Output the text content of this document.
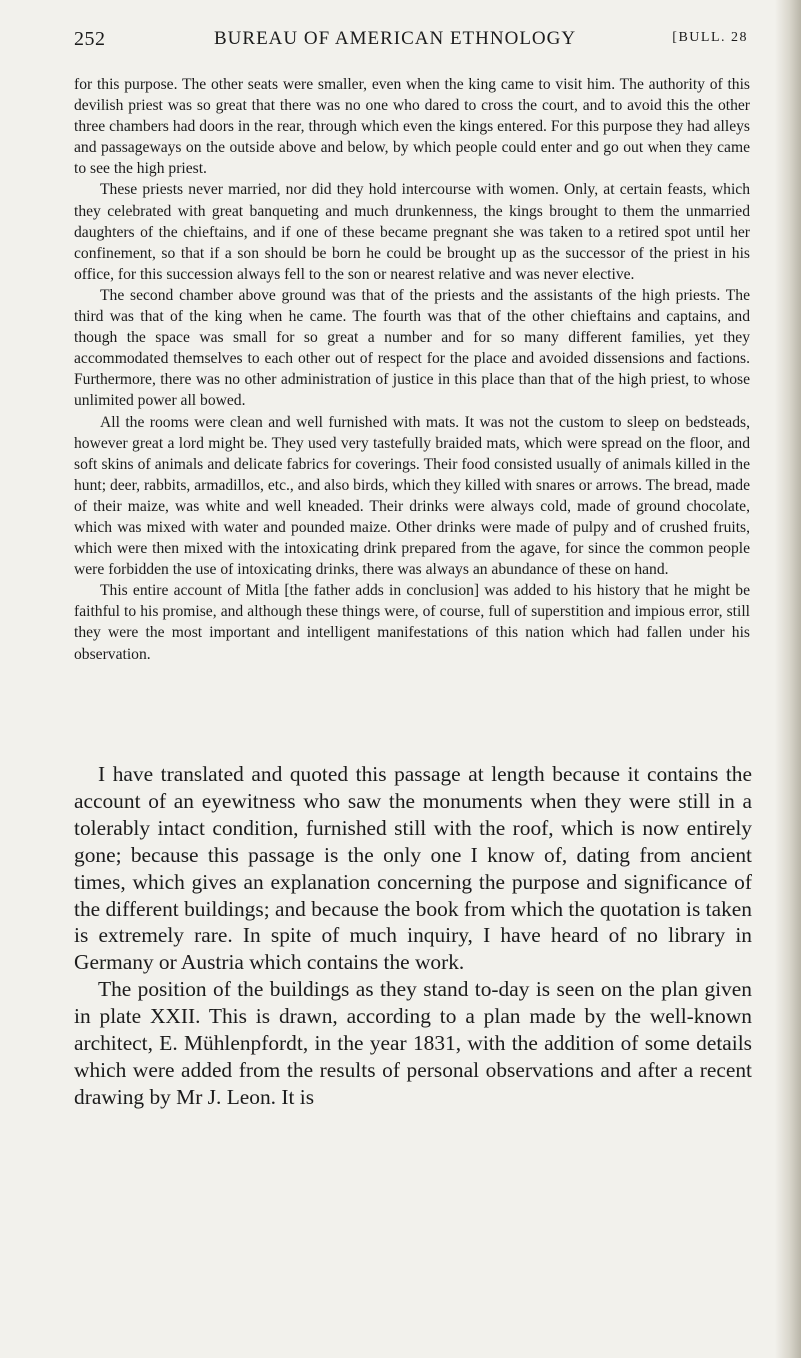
252	BUREAU OF AMERICAN ETHNOLOGY	[BULL. 28

for this purpose. The other seats were smaller, even when the king came to visit him. The authority of this devilish priest was so great that there was no one who dared to cross the court, and to avoid this the other three chambers had doors in the rear, through which even the kings entered. For this purpose they had alleys and passageways on the outside above and below, by which people could enter and go out when they came to see the high priest.

These priests never married, nor did they hold intercourse with women. Only, at certain feasts, which they celebrated with great banqueting and much drunkenness, the kings brought to them the unmarried daughters of the chieftains, and if one of these became pregnant she was taken to a retired spot until her confinement, so that if a son should be born he could be brought up as the successor of the priest in his office, for this succession always fell to the son or nearest relative and was never elective.

The second chamber above ground was that of the priests and the assistants of the high priests. The third was that of the king when he came. The fourth was that of the other chieftains and captains, and though the space was small for so great a number and for so many different families, yet they accommodated themselves to each other out of respect for the place and avoided dissensions and factions. Furthermore, there was no other administration of justice in this place than that of the high priest, to whose unlimited power all bowed.

All the rooms were clean and well furnished with mats. It was not the custom to sleep on bedsteads, however great a lord might be. They used very tastefully braided mats, which were spread on the floor, and soft skins of animals and delicate fabrics for coverings. Their food consisted usually of animals killed in the hunt; deer, rabbits, armadillos, etc., and also birds, which they killed with snares or arrows. The bread, made of their maize, was white and well kneaded. Their drinks were always cold, made of ground chocolate, which was mixed with water and pounded maize. Other drinks were made of pulpy and of crushed fruits, which were then mixed with the intoxicating drink prepared from the agave, for since the common people were forbidden the use of intoxicating drinks, there was always an abundance of these on hand.

This entire account of Mitla [the father adds in conclusion] was added to his history that he might be faithful to his promise, and although these things were, of course, full of superstition and impious error, still they were the most important and intelligent manifestations of this nation which had fallen under his observation.

I have translated and quoted this passage at length because it contains the account of an eyewitness who saw the monuments when they were still in a tolerably intact condition, furnished still with the roof, which is now entirely gone; because this passage is the only one I know of, dating from ancient times, which gives an explanation concerning the purpose and significance of the different buildings; and because the book from which the quotation is taken is extremely rare. In spite of much inquiry, I have heard of no library in Germany or Austria which contains the work.

The position of the buildings as they stand to-day is seen on the plan given in plate XXII. This is drawn, according to a plan made by the well-known architect, E. Mühlenpfordt, in the year 1831, with the addition of some details which were added from the results of personal observations and after a recent drawing by Mr J. Leon. It is
